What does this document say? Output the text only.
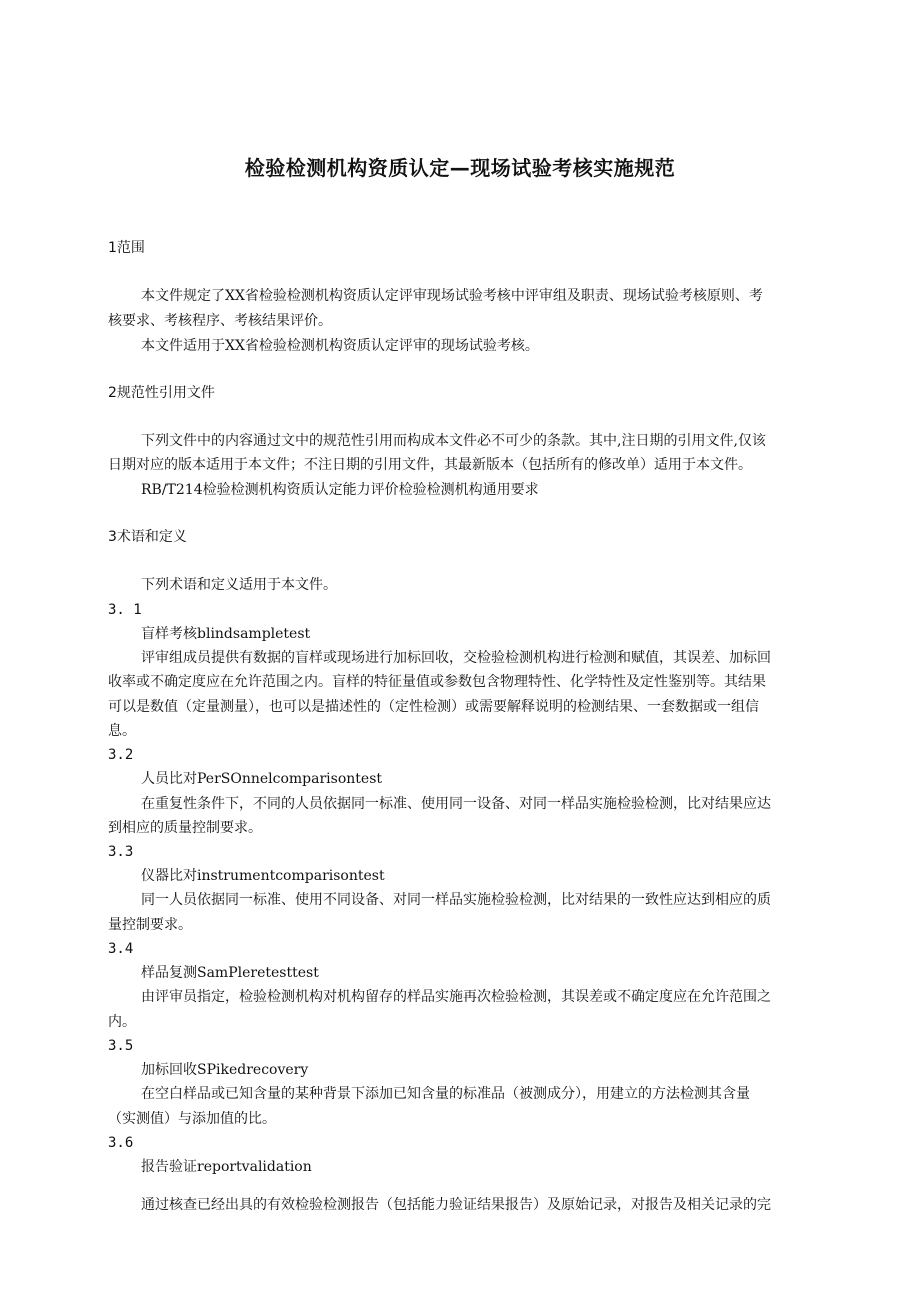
检验检测机构资质认定—现场试验考核实施规范
1范围
本文件规定了XX省检验检测机构资质认定评审现场试验考核中评审组及职责、现场试验考核原则、考
核要求、考核程序、考核结果评价。
本文件适用于XX省检验检测机构资质认定评审的现场试验考核。
2规范性引用文件
下列文件中的内容通过文中的规范性引用而构成本文件必不可少的条款。其中,注日期的引用文件,仅该
日期对应的版本适用于本文件；不注日期的引用文件，其最新版本（包括所有的修改单）适用于本文件。
RB/T214检验检测机构资质认定能力评价检验检测机构通用要求
3术语和定义
下列术语和定义适用于本文件。
3. 1
盲样考核blindsampletest
评审组成员提供有数据的盲样或现场进行加标回收，交检验检测机构进行检测和赋值，其误差、加标回
收率或不确定度应在允许范围之内。盲样的特征量值或参数包含物理特性、化学特性及定性鉴别等。其结果
可以是数值（定量测量），也可以是描述性的（定性检测）或需要解释说明的检测结果、一套数据或一组信
息。
3.2
人员比对PerSOnnelcomparisontest
在重复性条件下，不同的人员依据同一标准、使用同一设备、对同一样品实施检验检测，比对结果应达
到相应的质量控制要求。
3.3
仪器比对instrumentcomparisontest
同一人员依据同一标准、使用不同设备、对同一样品实施检验检测，比对结果的一致性应达到相应的质
量控制要求。
3.4
样品复测SamPleretesttest
由评审员指定，检验检测机构对机构留存的样品实施再次检验检测，其误差或不确定度应在允许范围之
内。
3.5
加标回收SPikedrecovery
在空白样品或已知含量的某种背景下添加已知含量的标准品（被测成分），用建立的方法检测其含量
（实测值）与添加值的比。
3.6
报告验证reportvalidation
通过核查已经出具的有效检验检测报告（包括能力验证结果报告）及原始记录，对报告及相关记录的完
